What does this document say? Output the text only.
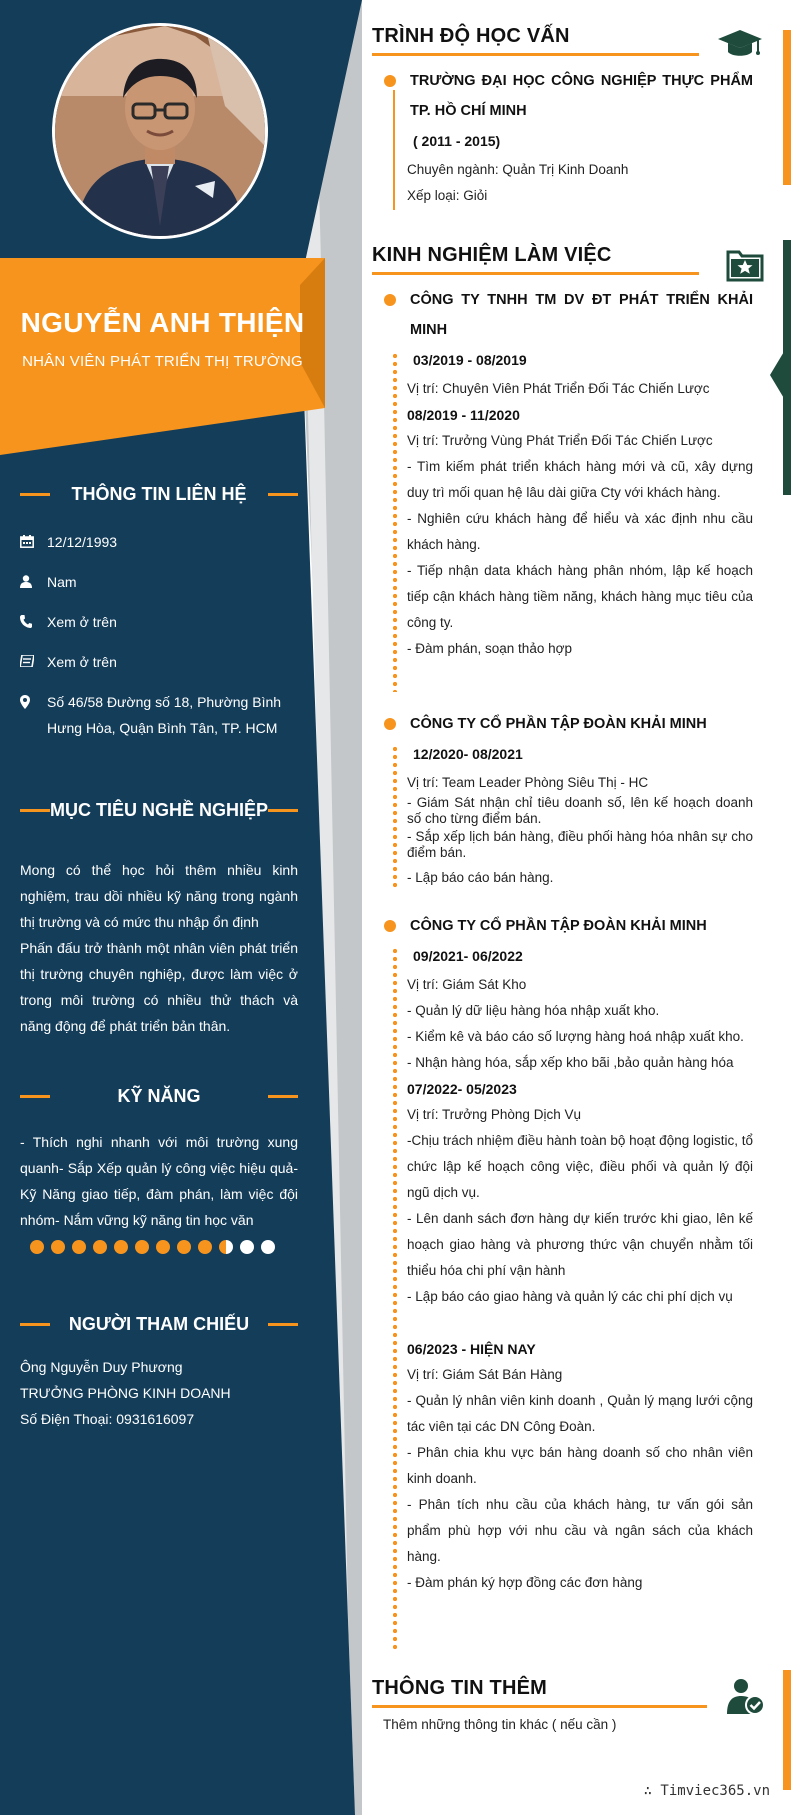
NGUYỄN ANH THIỆN
NHÂN VIÊN PHÁT TRIỂN THỊ TRƯỜNG
THÔNG TIN LIÊN HỆ
12/12/1993
Nam
Xem ở trên
Xem ở trên
Số 46/58 Đường số 18, Phường Bình Hưng Hòa, Quận Bình Tân, TP. HCM
MỤC TIÊU NGHỀ NGHIỆP
Mong có thể học hỏi thêm nhiều kinh nghiệm, trau dồi nhiều kỹ năng trong ngành thị trường và có mức thu nhập ổn định
Phấn đấu trở thành một nhân viên phát triển thị trường chuyên nghiệp, được làm việc ở trong môi trường có nhiều thử thách và năng động để phát triển bản thân.
KỸ NĂNG
- Thích nghi nhanh với môi trường xung quanh- Sắp Xếp quản lý công việc hiệu quả- Kỹ Năng giao tiếp, đàm phán, làm việc đội nhóm- Nắm vững kỹ năng tin học văn
NGƯỜI THAM CHIẾU
Ông Nguyễn Duy Phương
TRƯỞNG PHÒNG KINH DOANH
Số Điện Thoại: 0931616097
TRÌNH ĐỘ HỌC VẤN
TRƯỜNG ĐẠI HỌC CÔNG NGHIỆP THỰC PHẨM TP. HỒ CHÍ MINH
( 2011 - 2015)
Chuyên ngành: Quản Trị Kinh Doanh
Xếp loại: Giỏi
KINH NGHIỆM LÀM VIỆC
CÔNG TY TNHH TM DV ĐT PHÁT TRIỂN KHẢI MINH
03/2019 - 08/2019
Vị trí: Chuyên Viên Phát Triển Đối Tác Chiến Lược
08/2019 - 11/2020
Vị trí: Trưởng Vùng Phát Triển Đối Tác Chiến Lược
- Tìm kiếm phát triển khách hàng mới và cũ, xây dựng duy trì mối quan hệ lâu dài giữa Cty với khách hàng.
- Nghiên cứu khách hàng để hiểu và xác định nhu cầu khách hàng.
- Tiếp nhận data khách hàng phân nhóm, lập kế hoạch tiếp cận khách hàng tiềm năng, khách hàng mục tiêu của công ty.
- Đàm phán, soạn thảo hợp
CÔNG TY CỔ PHẦN TẬP ĐOÀN KHẢI MINH
12/2020- 08/2021
Vị trí: Team Leader Phòng Siêu Thị - HC
- Giám Sát nhận chỉ tiêu doanh số, lên kế hoạch doanh số cho từng điểm bán.
- Sắp xếp lịch bán hàng, điều phối hàng hóa nhân sự cho điểm bán.
- Lập báo cáo bán hàng.
CÔNG TY CỔ PHẦN TẬP ĐOÀN KHẢI MINH
09/2021- 06/2022
Vị trí: Giám Sát Kho
- Quản lý dữ liệu hàng hóa nhập xuất kho.
- Kiểm kê và báo cáo số lượng hàng hoá nhập xuất kho.
- Nhận hàng hóa, sắp xếp kho bãi ,bảo quản hàng hóa
07/2022- 05/2023
Vị trí: Trưởng Phòng Dịch Vụ
-Chịu trách nhiệm điều hành toàn bộ hoạt động logistic, tổ chức lập kế hoạch công việc, điều phối và quản lý đội ngũ dịch vụ.
- Lên danh sách đơn hàng dự kiến trước khi giao, lên kế hoạch giao hàng và phương thức vận chuyển nhằm tối thiểu hóa chi phí vận hành
- Lập báo cáo giao hàng và quản lý các chi phí dịch vụ
06/2023 - HIỆN NAY
Vị trí: Giám Sát Bán Hàng
- Quản lý nhân viên kinh doanh , Quản lý mạng lưới cộng tác viên tại các DN Công Đoàn.
- Phân chia khu vực bán hàng doanh số cho nhân viên kinh doanh.
- Phân tích nhu cầu của khách hàng, tư vấn gói sản phẩm phù hợp với nhu cầu và ngân sách của khách hàng.
- Đàm phán ký hợp đồng các đơn hàng
THÔNG TIN THÊM
Thêm những thông tin khác ( nếu cần )
∴ Timviec365.vn
